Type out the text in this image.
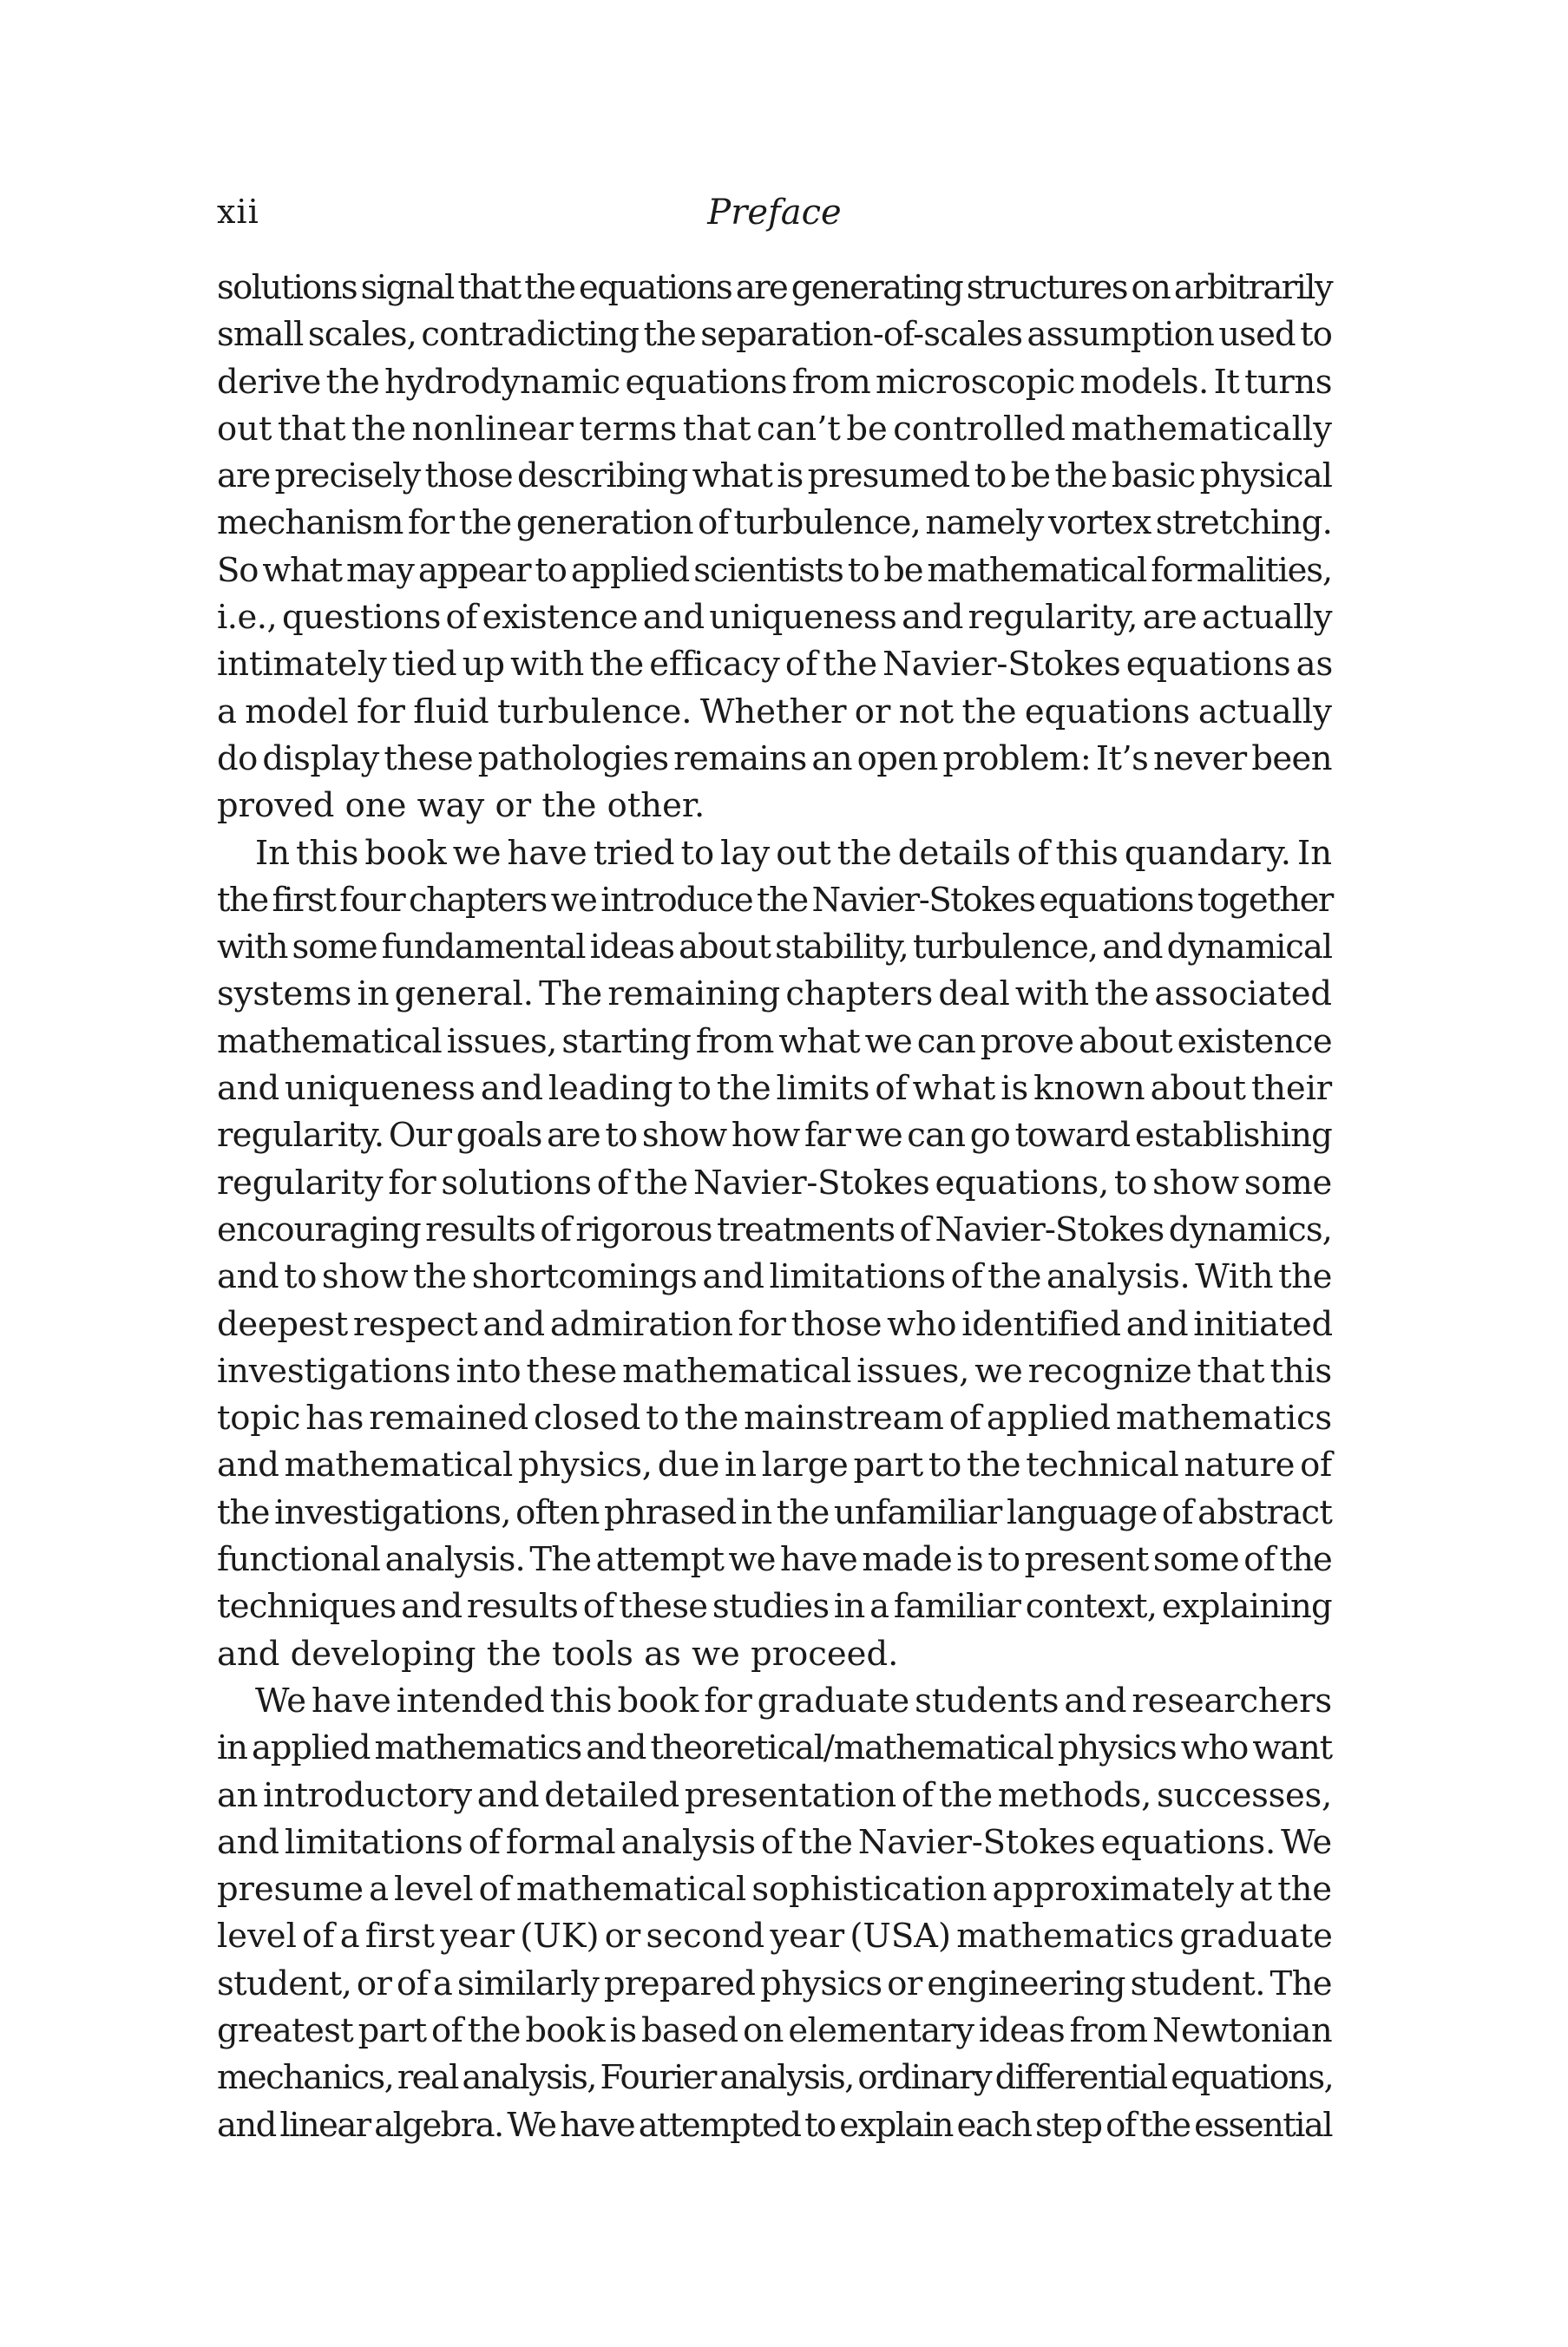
xii	Preface

solutions signal that the equations are generating structures on arbitrarily
small scales, contradicting the separation-of-scales assumption used to
derive the hydrodynamic equations from microscopic models. It turns
out that the nonlinear terms that can’t be controlled mathematically
are precisely those describing what is presumed to be the basic physical
mechanism for the generation of turbulence, namely vortex stretching.
So what may appear to applied scientists to be mathematical formalities,
i.e., questions of existence and uniqueness and regularity, are actually
intimately tied up with the efficacy of the Navier-Stokes equations as
a model for fluid turbulence. Whether or not the equations actually
do display these pathologies remains an open problem: It’s never been
proved one way or the other.

In this book we have tried to lay out the details of this quandary. In
the first four chapters we introduce the Navier-Stokes equations together
with some fundamental ideas about stability, turbulence, and dynamical
systems in general. The remaining chapters deal with the associated
mathematical issues, starting from what we can prove about existence
and uniqueness and leading to the limits of what is known about their
regularity. Our goals are to show how far we can go toward establishing
regularity for solutions of the Navier-Stokes equations, to show some
encouraging results of rigorous treatments of Navier-Stokes dynamics,
and to show the shortcomings and limitations of the analysis. With the
deepest respect and admiration for those who identified and initiated
investigations into these mathematical issues, we recognize that this
topic has remained closed to the mainstream of applied mathematics
and mathematical physics, due in large part to the technical nature of
the investigations, often phrased in the unfamiliar language of abstract
functional analysis. The attempt we have made is to present some of the
techniques and results of these studies in a familiar context, explaining
and developing the tools as we proceed.

We have intended this book for graduate students and researchers
in applied mathematics and theoretical/mathematical physics who want
an introductory and detailed presentation of the methods, successes,
and limitations of formal analysis of the Navier-Stokes equations. We
presume a level of mathematical sophistication approximately at the
level of a first year (UK) or second year (USA) mathematics graduate
student, or of a similarly prepared physics or engineering student. The
greatest part of the book is based on elementary ideas from Newtonian
mechanics, real analysis, Fourier analysis, ordinary differential equations,
and linear algebra. We have attempted to explain each step of the essential
